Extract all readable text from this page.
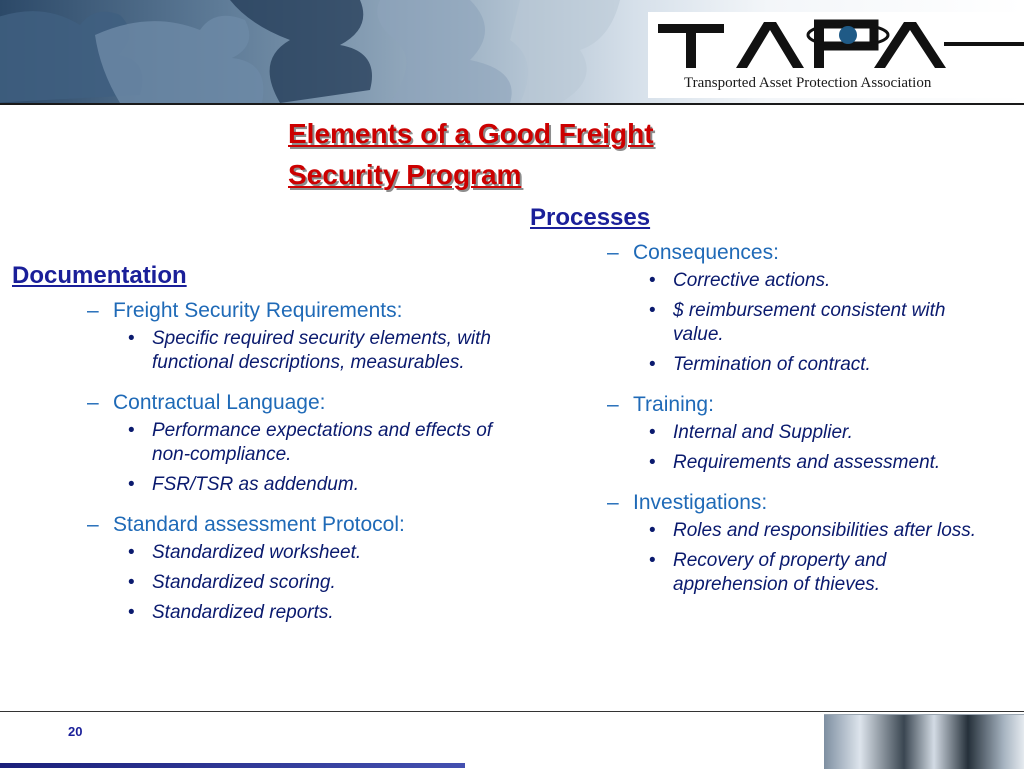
Transported Asset Protection Association
Elements of a Good Freight
Security Program
Documentation
– Freight Security Requirements:
• Specific required security elements, with functional descriptions, measurables.
– Contractual Language:
• Performance expectations and effects of non-compliance.
• FSR/TSR as addendum.
– Standard assessment Protocol:
• Standardized worksheet.
• Standardized scoring.
• Standardized reports.
Processes
– Consequences:
• Corrective actions.
• $ reimbursement consistent with value.
• Termination of contract.
– Training:
• Internal and Supplier.
• Requirements and assessment.
– Investigations:
• Roles and responsibilities after loss.
• Recovery of property and apprehension of thieves.
20
